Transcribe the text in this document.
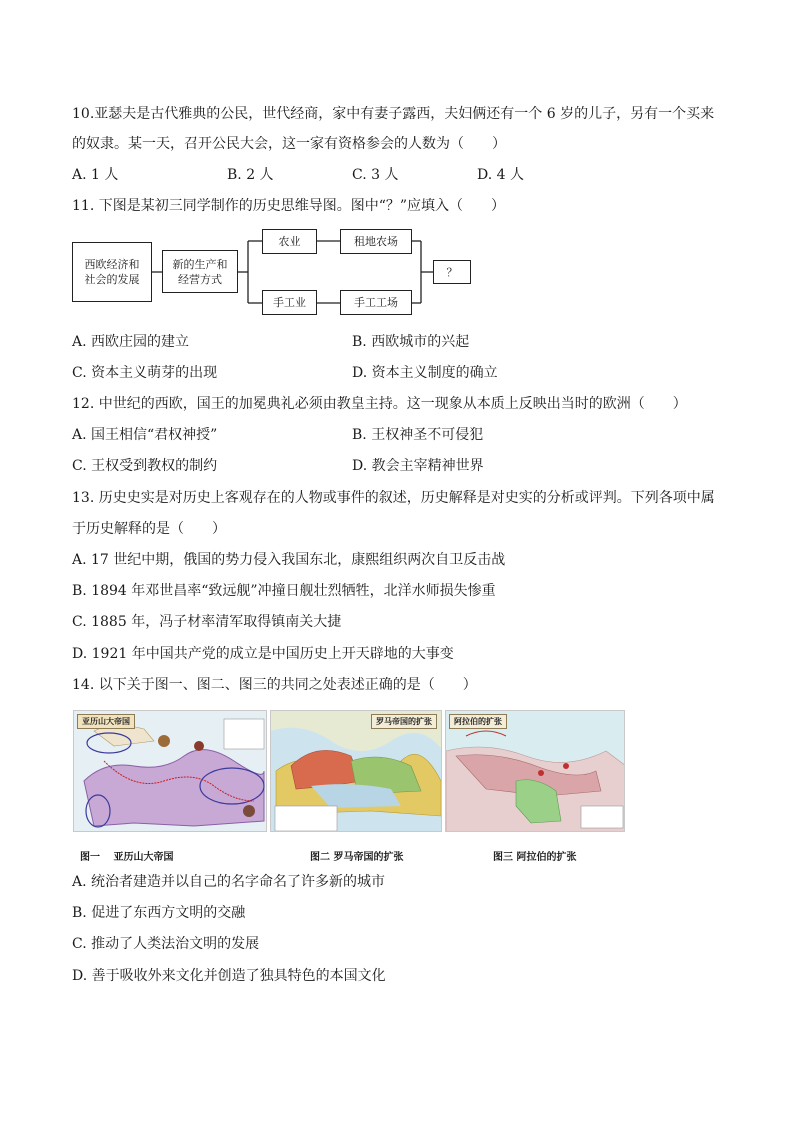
10.亚瑟夫是古代雅典的公民，世代经商，家中有妻子露西，夫妇俩还有一个 6 岁的儿子，另有一个买来
的奴隶。某一天，召开公民大会，这一家有资格参会的人数为（　　）
A. 1 人	B. 2 人	C. 3 人	D. 4 人
11. 下图是某初三同学制作的历史思维导图。图中“？”应填入（　　）
西欧经济和社会的发展
新的生产和经营方式
农业	租地农场
手工业	手工工场
？
A. 西欧庄园的建立	B. 西欧城市的兴起
C. 资本主义萌芽的出现	D. 资本主义制度的确立
12. 中世纪的西欧，国王的加冕典礼必须由教皇主持。这一现象从本质上反映出当时的欧洲（　　）
A. 国王相信“君权神授”	B. 王权神圣不可侵犯
C. 王权受到教权的制约	D. 教会主宰精神世界
13. 历史史实是对历史上客观存在的人物或事件的叙述，历史解释是对史实的分析或评判。下列各项中属
于历史解释的是（　　）
A. 17 世纪中期，俄国的势力侵入我国东北，康熙组织两次自卫反击战
B. 1894 年邓世昌率“致远舰”冲撞日舰壮烈牺牲，北洋水师损失惨重
C. 1885 年，冯子材率清军取得镇南关大捷
D. 1921 年中国共产党的成立是中国历史上开天辟地的大事变
14. 以下关于图一、图二、图三的共同之处表述正确的是（　　）
亚历山大帝国	罗马帝国的扩张	阿拉伯的扩张
图一　 亚历山大帝国	图二 罗马帝国的扩张	图三 阿拉伯的扩张
A. 统治者建造并以自己的名字命名了许多新的城市
B. 促进了东西方文明的交融
C. 推动了人类法治文明的发展
D. 善于吸收外来文化并创造了独具特色的本国文化
